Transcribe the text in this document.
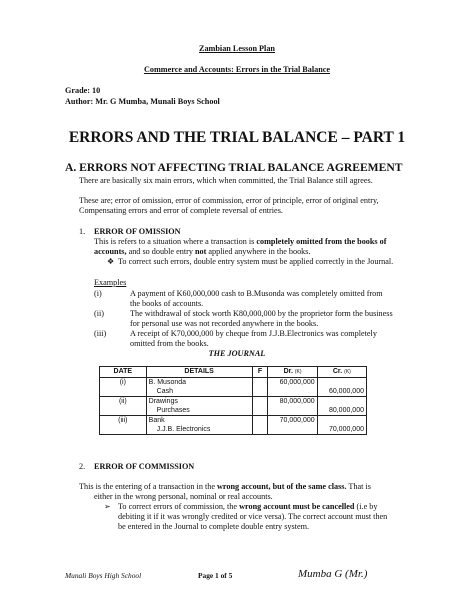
Zambian Lesson Plan
Commerce and Accounts: Errors in the Trial Balance
Grade: 10
Author: Mr. G Mumba, Munali Boys School
ERRORS AND THE TRIAL BALANCE – PART 1
A. ERRORS NOT AFFECTING TRIAL BALANCE AGREEMENT
There are basically six main errors, which when committed, the Trial Balance still agrees.
These are; error of omission, error of commission, error of principle, error of original entry,
Compensating errors and error of complete reversal of entries.
1. ERROR OF OMISSION
This is refers to a situation where a transaction is completely omitted from the books of
accounts, and so double entry not applied anywhere in the books.
❖ To correct such errors, double entry system must be applied correctly in the Journal.
Examples
(i)	A payment of K60,000,000 cash to B.Musonda was completely omitted from
the books of accounts.
(ii)	The withdrawal of stock worth K80,000,000 by the proprietor form the business
for personal use was not recorded anywhere in the books.
(iii)	A receipt of K70,000,000 by cheque from J.J.B.Electronics was completely
omitted from the books.
THE JOURNAL
DATE	DETAILS	F	Dr. (K)	Cr. (K)
(i)	B. Musonda		60,000,000	
	Cash			60,000,000
(ii)	Drawings		80,000,000	
	Purchases			80,000,000
(iii)	Bank		70,000,000	
	J.J.B. Electronics			70,000,000
2. ERROR OF COMMISSION
This is the entering of a transaction in the wrong account, but of the same class. That is
either in the wrong personal, nominal or real accounts.
➢ To correct errors of commission, the wrong account must be cancelled (i.e by
debiting it if it was wrongly credited or vice versa). The correct account must then
be entered in the Journal to complete double entry system.
Munali Boys High School	Page 1 of 5	Mumba G (Mr.)
